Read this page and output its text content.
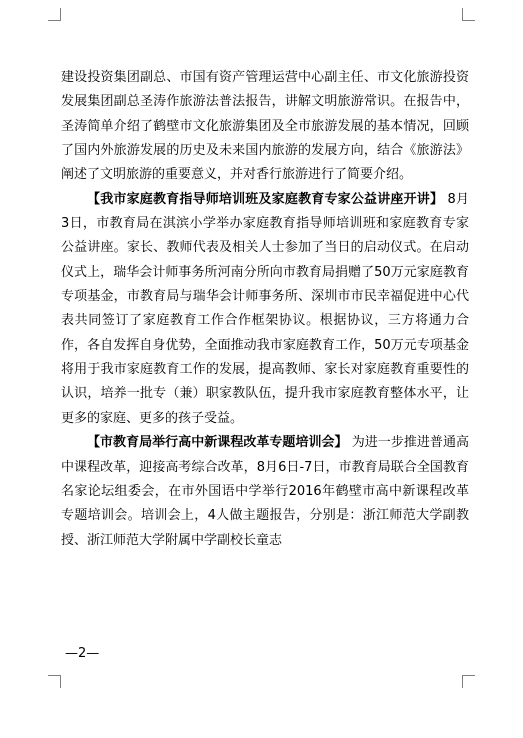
建设投资集团副总、市国有资产管理运营中心副主任、市文化旅游投资发展集团副总圣涛作旅游法普法报告，讲解文明旅游常识。在报告中，圣涛简单介绍了鹤壁市文化旅游集团及全市旅游发展的基本情况，回顾了国内外旅游发展的历史及未来国内旅游的发展方向，结合《旅游法》阐述了文明旅游的重要意义，并对香行旅游进行了简要介绍。

【我市家庭教育指导师培训班及家庭教育专家公益讲座开讲】 8月3日，市教育局在淇滨小学举办家庭教育指导师培训班和家庭教育专家公益讲座。家长、教师代表及相关人士参加了当日的启动仪式。在启动仪式上，瑞华会计师事务所河南分所向市教育局捐赠了50万元家庭教育专项基金，市教育局与瑞华会计师事务所、深圳市市民幸福促进中心代表共同签订了家庭教育工作合作框架协议。根据协议，三方将通力合作，各自发挥自身优势，全面推动我市家庭教育工作，50万元专项基金将用于我市家庭教育工作的发展，提高教师、家长对家庭教育重要性的认识，培养一批专（兼）职家教队伍，提升我市家庭教育整体水平，让更多的家庭、更多的孩子受益。

【市教育局举行高中新课程改革专题培训会】 为进一步推进普通高中课程改革，迎接高考综合改革，8月6日-7日，市教育局联合全国教育名家论坛组委会，在市外国语中学举行2016年鹤壁市高中新课程改革专题培训会。培训会上，4人做主题报告，分别是：浙江师范大学副教授、浙江师范大学附属中学副校长童志

—2—
